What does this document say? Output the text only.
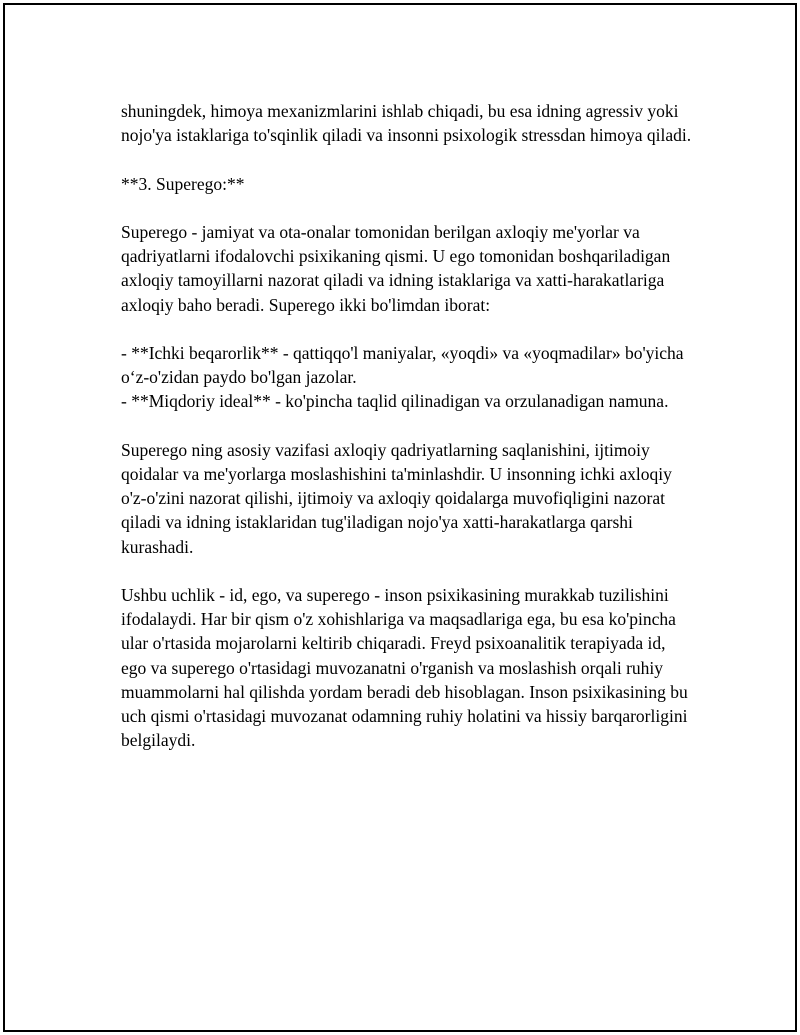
shuningdek, himoya mexanizmlarini ishlab chiqadi, bu esa idning agressiv yoki nojo'ya istaklariga to'sqinlik qiladi va insonni psixologik stressdan himoya qiladi.

**3. Superego:**

Superego - jamiyat va ota-onalar tomonidan berilgan axloqiy me'yorlar va qadriyatlarni ifodalovchi psixikaning qismi. U ego tomonidan boshqariladigan axloqiy tamoyillarni nazorat qiladi va idning istaklariga va xatti-harakatlariga axloqiy baho beradi. Superego ikki bo'limdan iborat:

- **Ichki beqarorlik** - qattiqqo'l maniyalar, «yoqdi» va «yoqmadilar» bo'yicha o‘z-o'zidan paydo bo'lgan jazolar.

- **Miqdoriy ideal** - ko'pincha taqlid qilinadigan va orzulanadigan namuna.

Superego ning asosiy vazifasi axloqiy qadriyatlarning saqlanishini, ijtimoiy qoidalar va me'yorlarga moslashishini ta'minlashdir. U insonning ichki axloqiy o'z-o'zini nazorat qilishi, ijtimoiy va axloqiy qoidalarga muvofiqligini nazorat qiladi va idning istaklaridan tug'iladigan nojo'ya xatti-harakatlarga qarshi kurashadi.

Ushbu uchlik - id, ego, va superego - inson psixikasining murakkab tuzilishini ifodalaydi. Har bir qism o'z xohishlariga va maqsadlariga ega, bu esa ko'pincha ular o'rtasida mojarolarni keltirib chiqaradi. Freyd psixoanalitik terapiyada id, ego va superego o'rtasidagi muvozanatni o'rganish va moslashish orqali ruhiy muammolarni hal qilishda yordam beradi deb hisoblagan. Inson psixikasining bu uch qismi o'rtasidagi muvozanat odamning ruhiy holatini va hissiy barqarorligini belgilaydi.
